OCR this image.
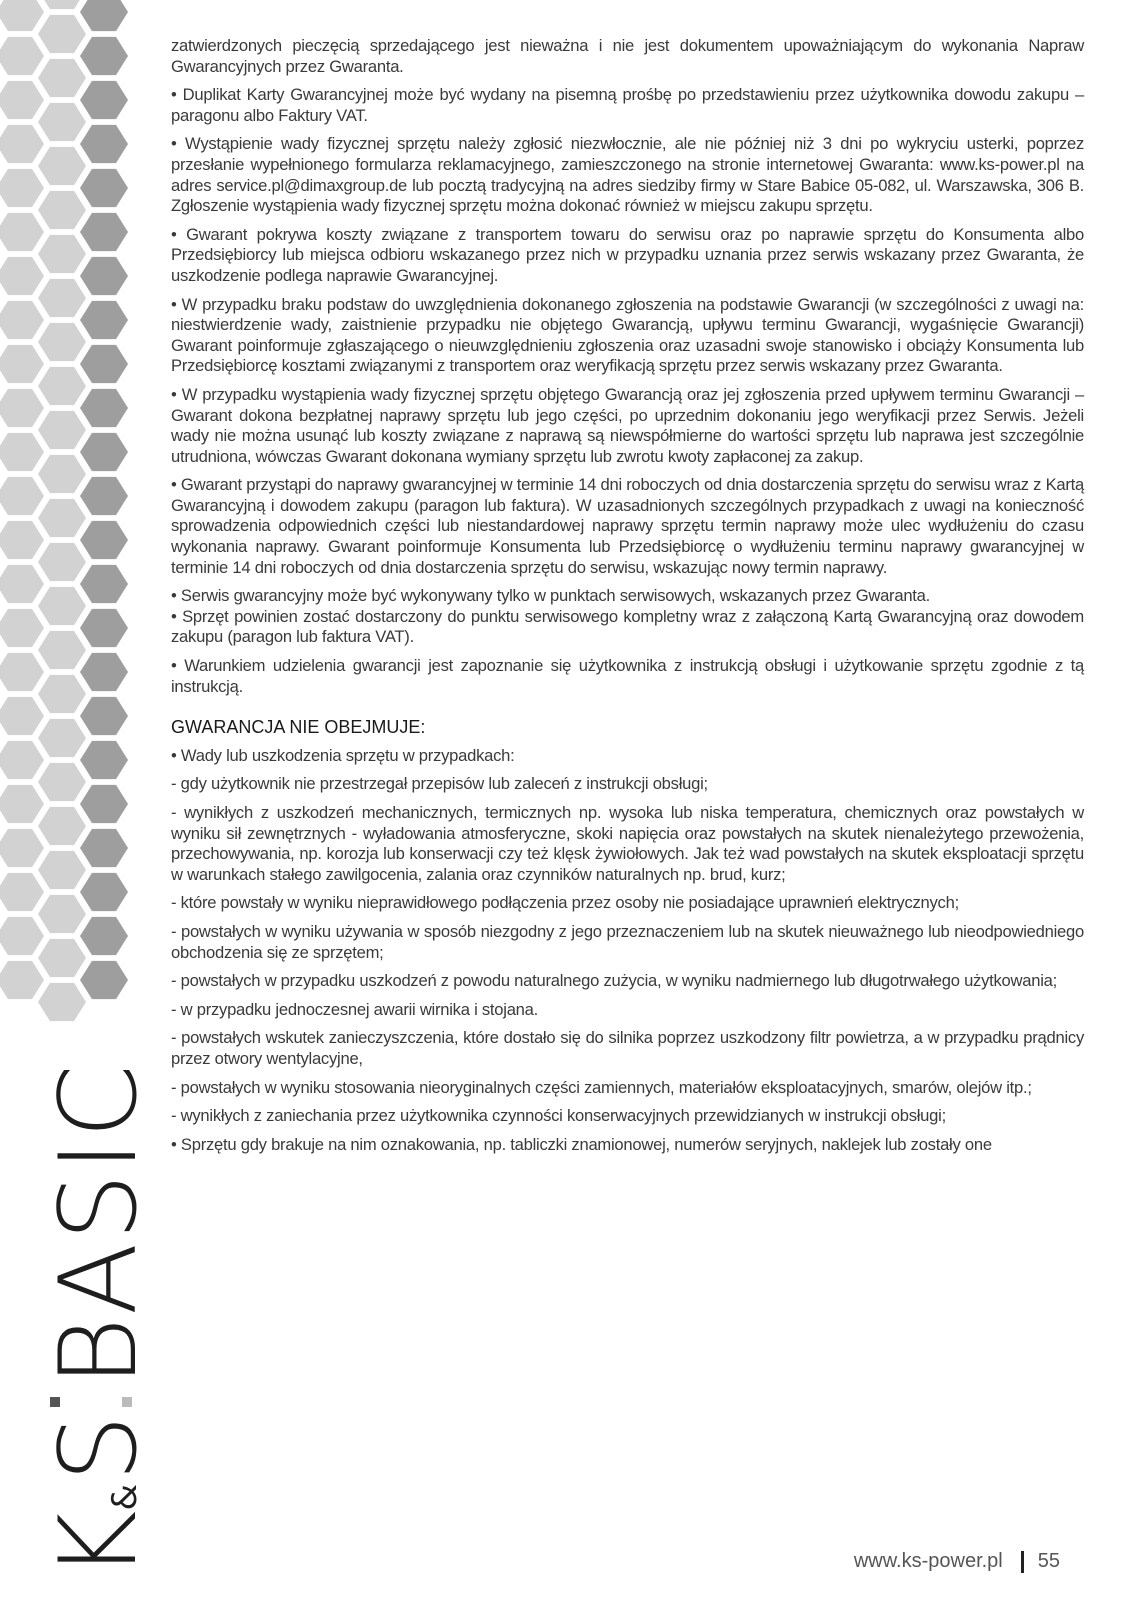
K
&
S
BASIC

zatwierdzonych pieczęcią sprzedającego jest nieważna i nie jest dokumentem upoważniającym do wykonania Napraw Gwarancyjnych przez Gwaranta.

• Duplikat Karty Gwarancyjnej może być wydany na pisemną prośbę po przedstawieniu przez użytkownika dowodu zakupu – paragonu albo Faktury VAT.

• Wystąpienie wady fizycznej sprzętu należy zgłosić niezwłocznie, ale nie później niż 3 dni po wykryciu usterki, poprzez przesłanie wypełnionego formularza reklamacyjnego, zamieszczonego na stronie internetowej Gwaranta: www.ks-power.pl na adres service.pl@dimaxgroup.de lub pocztą tradycyjną na adres siedziby firmy w Stare Babice 05-082, ul. Warszawska, 306 B. Zgłoszenie wystąpienia wady fizycznej sprzętu można dokonać również w miejscu zakupu sprzętu.

• Gwarant pokrywa koszty związane z transportem towaru do serwisu oraz po naprawie sprzętu do Konsumenta albo Przedsiębiorcy lub miejsca odbioru wskazanego przez nich w przypadku uznania przez serwis wskazany przez Gwaranta, że uszkodzenie podlega naprawie Gwarancyjnej.

• W przypadku braku podstaw do uwzględnienia dokonanego zgłoszenia na podstawie Gwarancji (w szczególności z uwagi na: niestwierdzenie wady, zaistnienie przypadku nie objętego Gwarancją, upływu terminu Gwarancji, wygaśnięcie Gwarancji) Gwarant poinformuje zgłaszającego o nieuwzględnieniu zgłoszenia oraz uzasadni swoje stanowisko i obciąży Konsumenta lub Przedsiębiorcę kosztami związanymi z transportem oraz weryfikacją sprzętu przez serwis wskazany przez Gwaranta.

• W przypadku wystąpienia wady fizycznej sprzętu objętego Gwarancją oraz jej zgłoszenia przed upływem terminu Gwarancji – Gwarant dokona bezpłatnej naprawy sprzętu lub jego części, po uprzednim dokonaniu jego weryfikacji przez Serwis. Jeżeli wady nie można usunąć lub koszty związane z naprawą są niewspółmierne do wartości sprzętu lub naprawa jest szczególnie utrudniona, wówczas Gwarant dokonana wymiany sprzętu lub zwrotu kwoty zapłaconej za zakup.

• Gwarant przystąpi do naprawy gwarancyjnej w terminie 14 dni roboczych od dnia dostarczenia sprzętu do serwisu wraz z Kartą Gwarancyjną i dowodem zakupu (paragon lub faktura). W uzasadnionych szczególnych przypadkach z uwagi na konieczność sprowadzenia odpowiednich części lub niestandardowej naprawy sprzętu termin naprawy może ulec wydłużeniu do czasu wykonania naprawy. Gwarant poinformuje Konsumenta lub Przedsiębiorcę o wydłużeniu terminu naprawy gwarancyjnej w terminie 14 dni roboczych od dnia dostarczenia sprzętu do serwisu, wskazując nowy termin naprawy.

• Serwis gwarancyjny może być wykonywany tylko w punktach serwisowych, wskazanych przez Gwaranta.

• Sprzęt powinien zostać dostarczony do punktu serwisowego kompletny wraz z załączoną Kartą Gwarancyjną oraz dowodem zakupu (paragon lub faktura VAT).

• Warunkiem udzielenia gwarancji jest zapoznanie się użytkownika z instrukcją obsługi i użytkowanie sprzętu zgodnie z tą instrukcją.

GWARANCJA NIE OBEJMUJE:

• Wady lub uszkodzenia sprzętu w przypadkach:

- gdy użytkownik nie przestrzegał przepisów lub zaleceń z instrukcji obsługi;

- wynikłych z uszkodzeń mechanicznych, termicznych np. wysoka lub niska temperatura, chemicznych oraz powstałych w wyniku sił zewnętrznych - wyładowania atmosferyczne, skoki napięcia oraz powstałych na skutek nienależytego przewożenia, przechowywania, np. korozja lub konserwacji czy też klęsk żywiołowych. Jak też wad powstałych na skutek eksploatacji sprzętu w warunkach stałego zawilgocenia, zalania oraz czynników naturalnych np. brud, kurz;

- które powstały w wyniku nieprawidłowego podłączenia przez osoby nie posiadające uprawnień elektrycznych;

- powstałych w wyniku używania w sposób niezgodny z jego przeznaczeniem lub na skutek nieuważnego lub nieodpowiedniego obchodzenia się ze sprzętem;

- powstałych w przypadku uszkodzeń z powodu naturalnego zużycia, w wyniku nadmiernego lub długotrwałego użytkowania;

- w przypadku jednoczesnej awarii wirnika i stojana.

- powstałych wskutek zanieczyszczenia, które dostało się do silnika poprzez uszkodzony filtr powietrza, a w przypadku prądnicy przez otwory wentylacyjne,

- powstałych w wyniku stosowania nieoryginalnych części zamiennych, materiałów eksploatacyjnych, smarów, olejów itp.;

- wynikłych z zaniechania przez użytkownika czynności konserwacyjnych przewidzianych w instrukcji obsługi;

• Sprzętu gdy brakuje na nim oznakowania, np. tabliczki znamionowej, numerów seryjnych, naklejek lub zostały one

www.ks-power.pl 55
